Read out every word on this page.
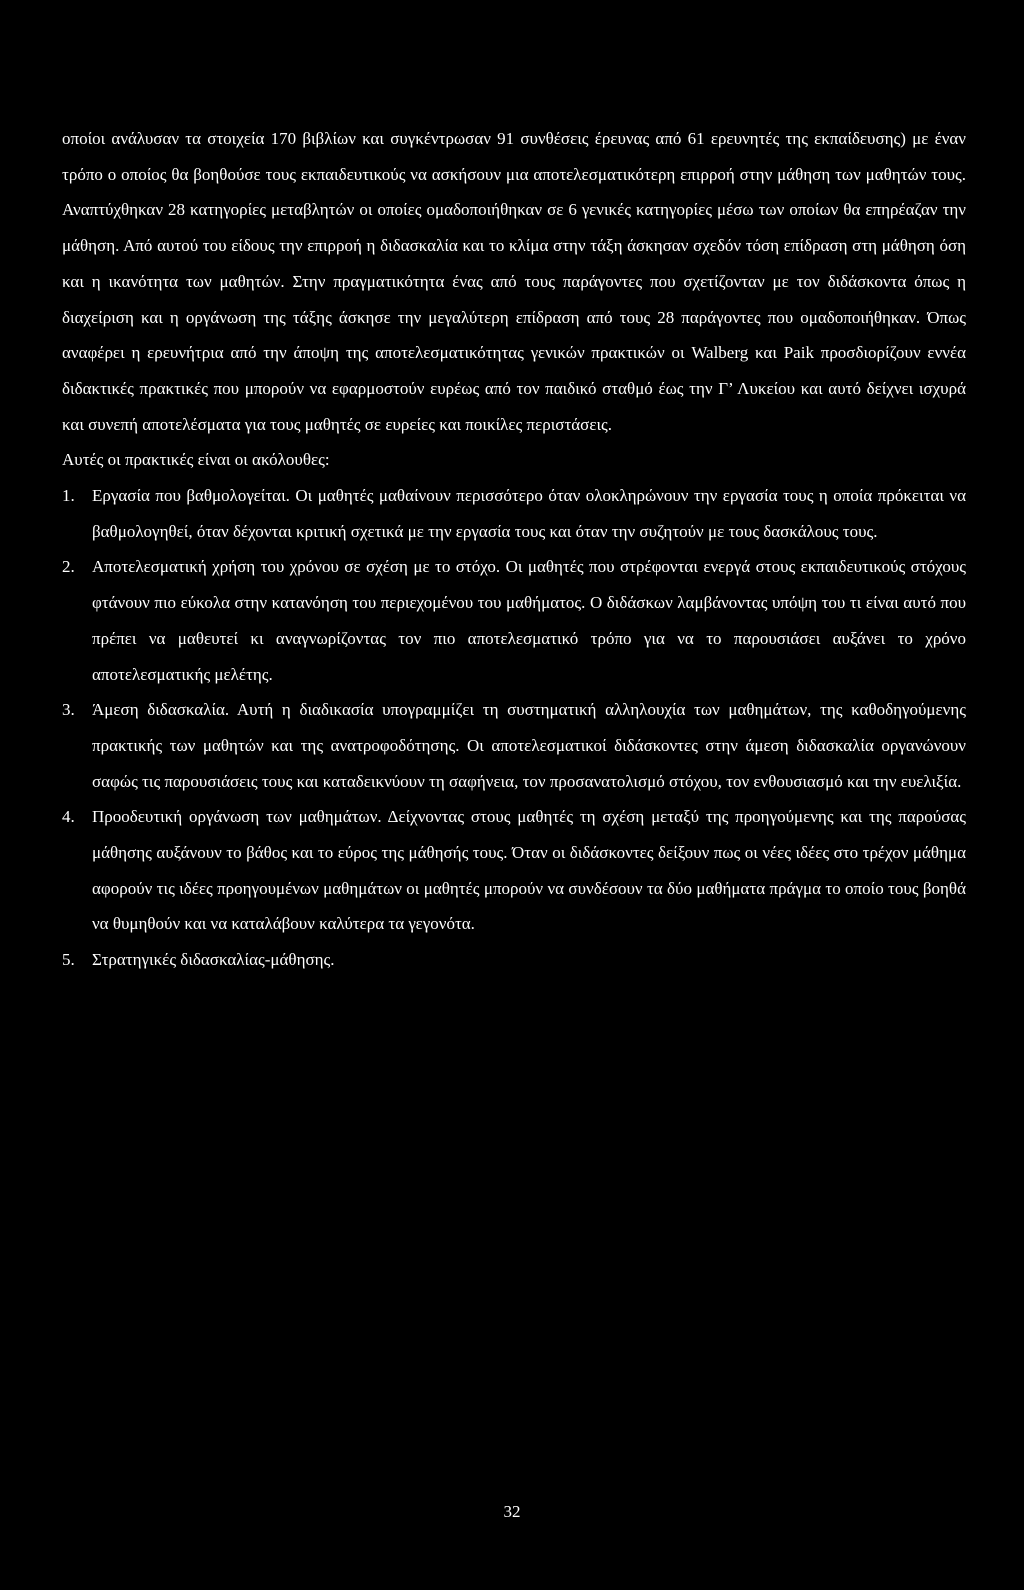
οποίοι ανάλυσαν τα στοιχεία 170 βιβλίων και συγκέντρωσαν 91 συνθέσεις έρευνας από 61 ερευνητές της εκπαίδευσης) με έναν τρόπο ο οποίος θα βοηθούσε τους εκπαιδευτικούς να ασκήσουν μια αποτελεσματικότερη επιρροή στην μάθηση των μαθητών τους. Αναπτύχθηκαν 28 κατηγορίες μεταβλητών οι οποίες ομαδοποιήθηκαν σε 6 γενικές κατηγορίες μέσω των οποίων θα επηρέαζαν την μάθηση. Από αυτού του είδους την επιρροή η διδασκαλία και το κλίμα στην τάξη άσκησαν σχεδόν τόση επίδραση στη μάθηση όση και η ικανότητα των μαθητών. Στην πραγματικότητα ένας από τους παράγοντες που σχετίζονταν με τον διδάσκοντα όπως η διαχείριση και η οργάνωση της τάξης άσκησε την μεγαλύτερη επίδραση από τους 28 παράγοντες που ομαδοποιήθηκαν. Όπως αναφέρει η ερευνήτρια από την άποψη της αποτελεσματικότητας γενικών πρακτικών οι Walberg και Paik προσδιορίζουν εννέα διδακτικές πρακτικές που μπορούν να εφαρμοστούν ευρέως από τον παιδικό σταθμό έως την Γ’ Λυκείου και αυτό δείχνει ισχυρά και συνεπή αποτελέσματα για τους μαθητές σε ευρείες και ποικίλες περιστάσεις.

Αυτές οι πρακτικές είναι οι ακόλουθες:

1. Εργασία που βαθμολογείται. Οι μαθητές μαθαίνουν περισσότερο όταν ολοκληρώνουν την εργασία τους η οποία πρόκειται να βαθμολογηθεί, όταν δέχονται κριτική σχετικά με την εργασία τους και όταν την συζητούν με τους δασκάλους τους.
2. Αποτελεσματική χρήση του χρόνου σε σχέση με το στόχο. Οι μαθητές που στρέφονται ενεργά στους εκπαιδευτικούς στόχους φτάνουν πιο εύκολα στην κατανόηση του περιεχομένου του μαθήματος. Ο διδάσκων λαμβάνοντας υπόψη του τι είναι αυτό που πρέπει να μαθευτεί κι αναγνωρίζοντας τον πιο αποτελεσματικό τρόπο για να το παρουσιάσει αυξάνει το χρόνο αποτελεσματικής μελέτης.
3. Άμεση διδασκαλία. Αυτή η διαδικασία υπογραμμίζει τη συστηματική αλληλουχία των μαθημάτων, της καθοδηγούμενης πρακτικής των μαθητών και της ανατροφοδότησης. Οι αποτελεσματικοί διδάσκοντες στην άμεση διδασκαλία οργανώνουν σαφώς τις παρουσιάσεις τους και καταδεικνύουν τη σαφήνεια, τον προσανατολισμό στόχου, τον ενθουσιασμό και την ευελιξία.
4. Προοδευτική οργάνωση των μαθημάτων. Δείχνοντας στους μαθητές τη σχέση μεταξύ της προηγούμενης και της παρούσας μάθησης αυξάνουν το βάθος και το εύρος της μάθησής τους. Όταν οι διδάσκοντες δείξουν πως οι νέες ιδέες στο τρέχον μάθημα αφορούν τις ιδέες προηγουμένων μαθημάτων οι μαθητές μπορούν να συνδέσουν τα δύο μαθήματα πράγμα το οποίο τους βοηθά να θυμηθούν και να καταλάβουν καλύτερα τα γεγονότα.
5. Στρατηγικές διδασκαλίας-μάθησης.
32
